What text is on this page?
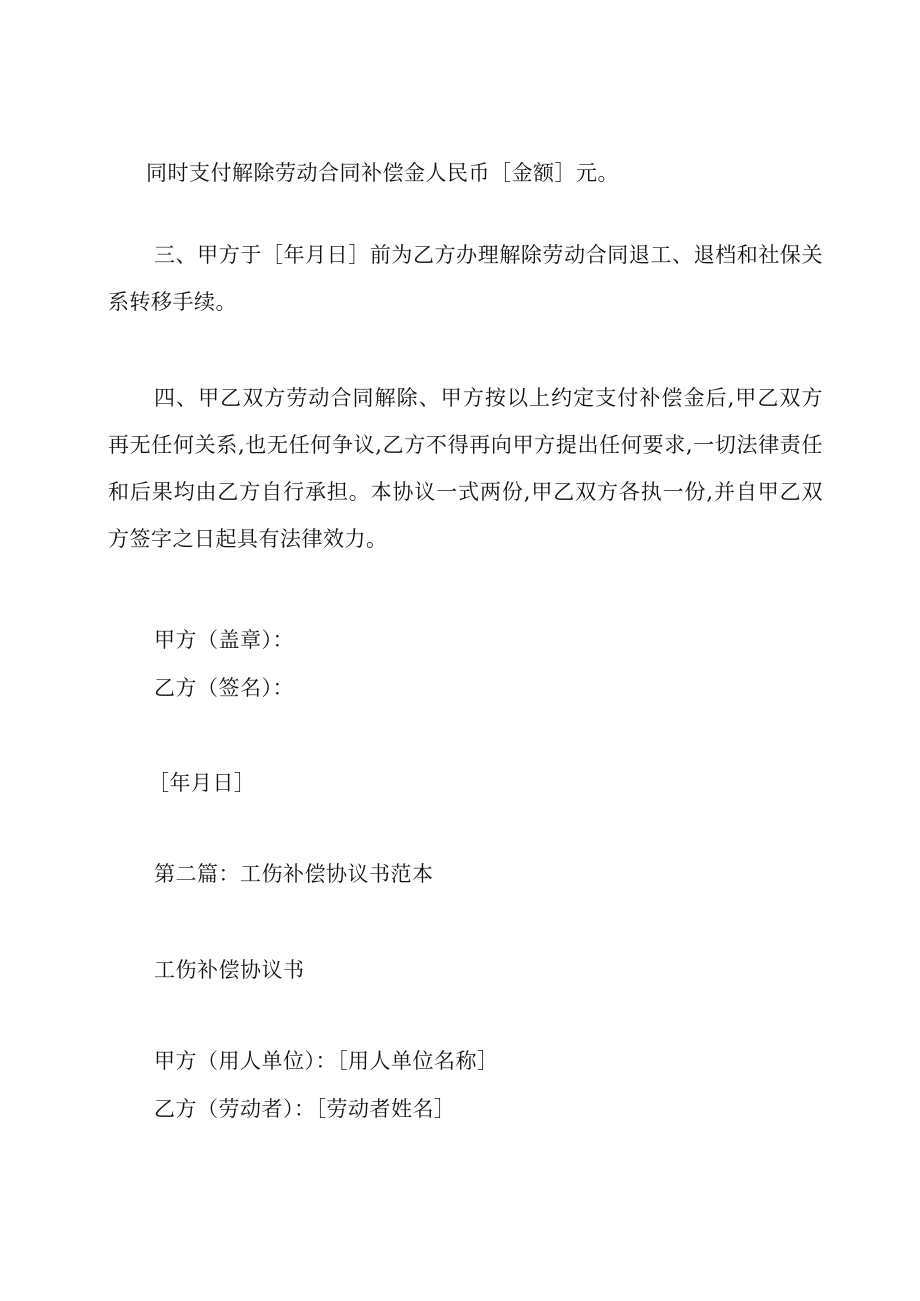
同时支付解除劳动合同补偿金人民币［金额］元。
三、甲方于［年月日］前为乙方办理解除劳动合同退工、退档和社保关系转移手续。
四、甲乙双方劳动合同解除、甲方按以上约定支付补偿金后,甲乙双方再无任何关系,也无任何争议,乙方不得再向甲方提出任何要求,一切法律责任和后果均由乙方自行承担。本协议一式两份,甲乙双方各执一份,并自甲乙双方签字之日起具有法律效力。
甲方（盖章）：
乙方（签名）：
［年月日］
第二篇：工伤补偿协议书范本
工伤补偿协议书
甲方（用人单位）：［用人单位名称］
乙方（劳动者）：［劳动者姓名］
